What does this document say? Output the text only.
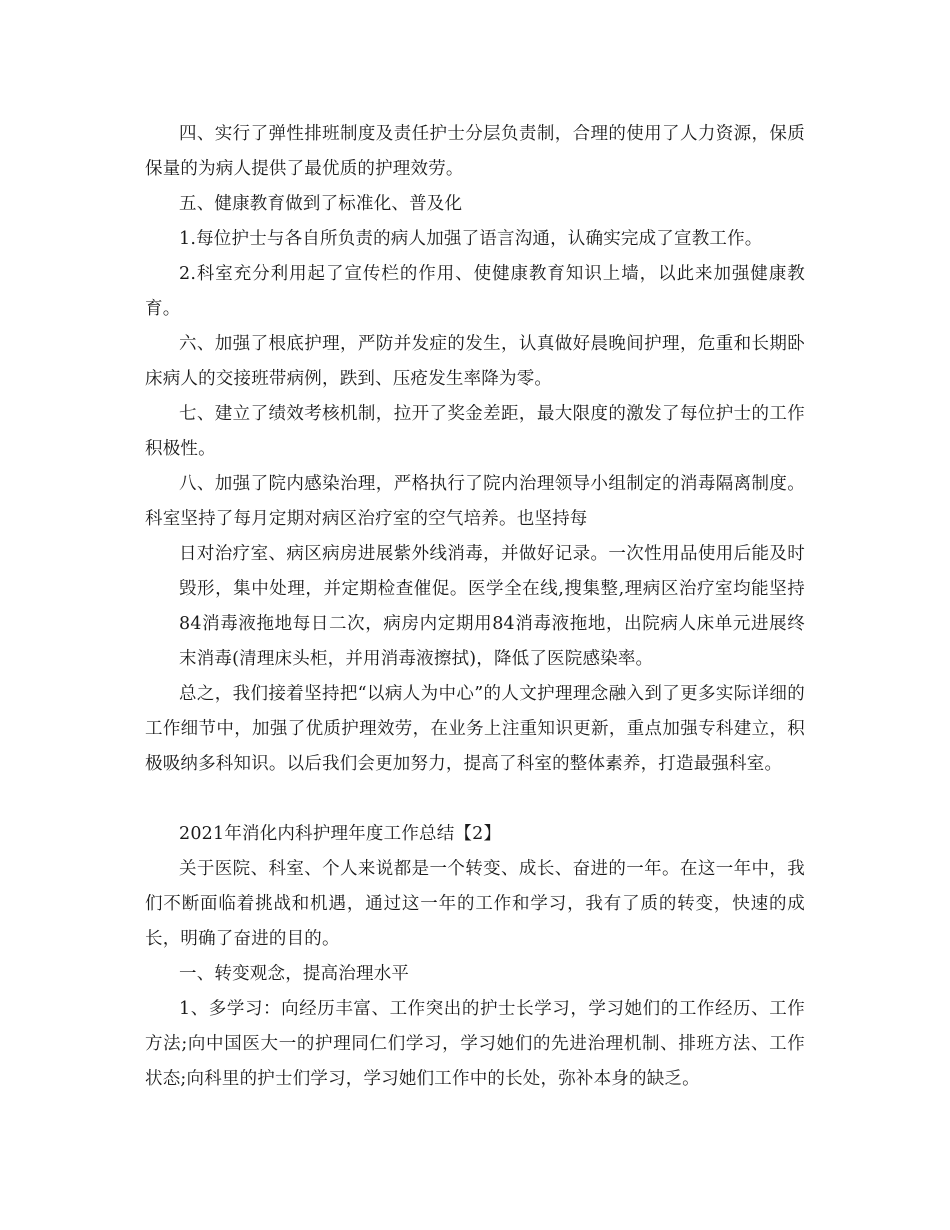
四、实行了弹性排班制度及责任护士分层负责制，合理的使用了人力资源，保质保量的为病人提供了最优质的护理效劳。

五、健康教育做到了标准化、普及化

1.每位护士与各自所负责的病人加强了语言沟通，认确实完成了宣教工作。

2.科室充分利用起了宣传栏的作用、使健康教育知识上墙，以此来加强健康教育。

六、加强了根底护理，严防并发症的发生，认真做好晨晚间护理，危重和长期卧床病人的交接班带病例，跌到、压疮发生率降为零。

七、建立了绩效考核机制，拉开了奖金差距，最大限度的激发了每位护士的工作积极性。

八、加强了院内感染治理，严格执行了院内治理领导小组制定的消毒隔离制度。科室坚持了每月定期对病区治疗室的空气培养。也坚持每

日对治疗室、病区病房进展紫外线消毒，并做好记录。一次性用品使用后能及时毁形，集中处理，并定期检查催促。医学全在线,搜集整,理病区治疗室均能坚持84消毒液拖地每日二次，病房内定期用84消毒液拖地，出院病人床单元进展终末消毒(清理床头柜，并用消毒液擦拭)，降低了医院感染率。

总之，我们接着坚持把“以病人为中心”的人文护理理念融入到了更多实际详细的工作细节中，加强了优质护理效劳，在业务上注重知识更新，重点加强专科建立，积极吸纳多科知识。以后我们会更加努力，提高了科室的整体素养，打造最强科室。

2021年消化内科护理年度工作总结【2】

关于医院、科室、个人来说都是一个转变、成长、奋进的一年。在这一年中，我们不断面临着挑战和机遇，通过这一年的工作和学习，我有了质的转变，快速的成长，明确了奋进的目的。

一、转变观念，提高治理水平

1、多学习：向经历丰富、工作突出的护士长学习，学习她们的工作经历、工作方法;向中国医大一的护理同仁们学习，学习她们的先进治理机制、排班方法、工作状态;向科里的护士们学习，学习她们工作中的长处，弥补本身的缺乏。
